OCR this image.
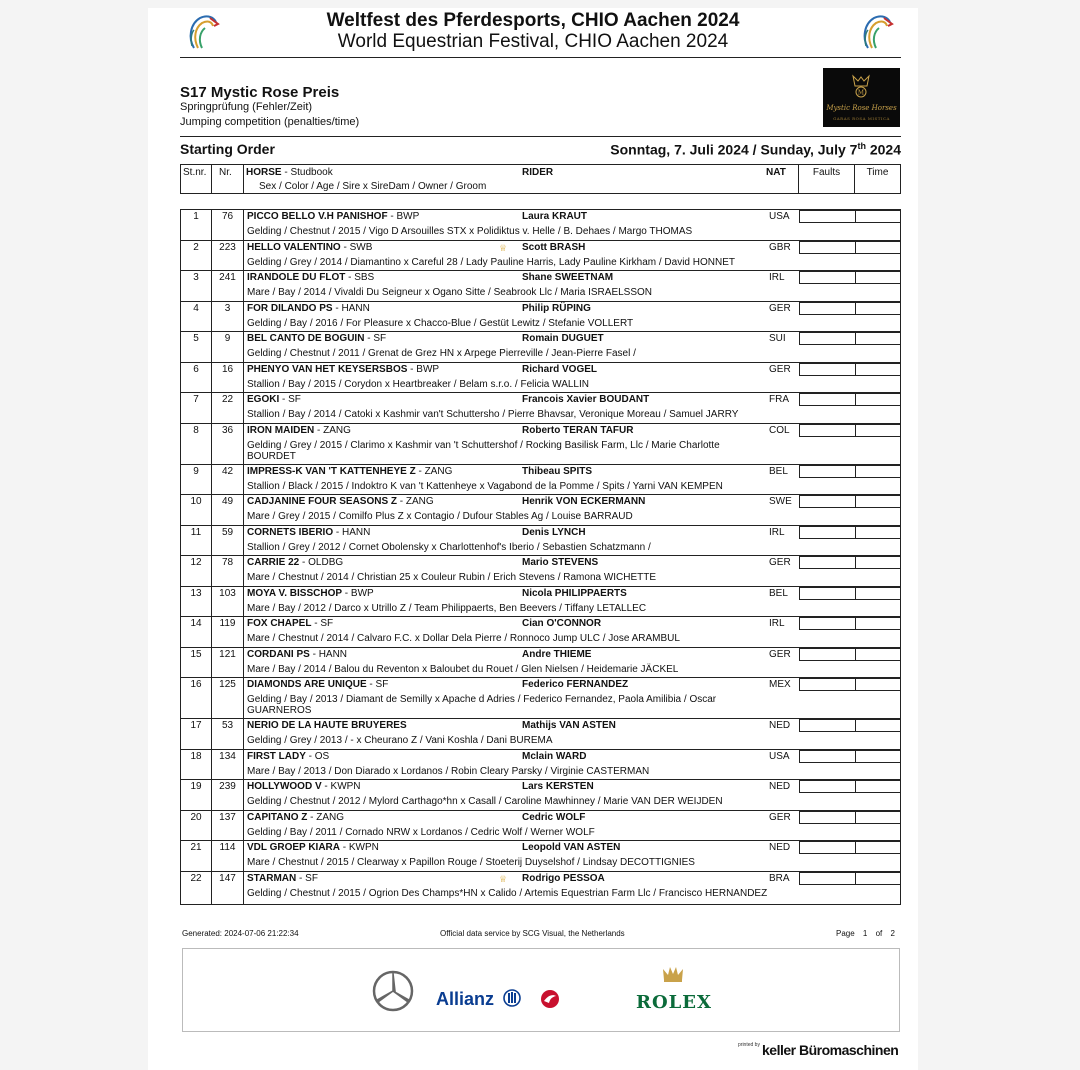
Weltfest des Pferdesports, CHIO Aachen 2024
World Equestrian Festival, CHIO Aachen 2024
S17 Mystic Rose Preis
Springprüfung (Fehler/Zeit)
Jumping competition (penalties/time)
M
Mystic Rose Horses
GARAS ROSA MISTICA
Starting Order	Sonntag, 7. Juli 2024 / Sunday, July 7th 2024
St.nr. Nr. HORSE - Studbook
Sex / Color / Age / Sire x SireDam / Owner / Groom
RIDER	NAT	Faults	Time
1	76	PICCO BELLO V.H PANISHOF - BWP	Laura KRAUT	USA
Gelding / Chestnut / 2015 / Vigo D Arsouilles STX x Polidiktus v. Helle / B. Dehaes / Margo THOMAS
2	223	HELLO VALENTINO - SWB	♕ Scott BRASH	GBR
Gelding / Grey / 2014 / Diamantino x Careful 28 / Lady Pauline Harris, Lady Pauline Kirkham / David HONNET
3	241	IRANDOLE DU FLOT - SBS	Shane SWEETNAM	IRL
Mare / Bay / 2014 / Vivaldi Du Seigneur x Ogano Sitte / Seabrook Llc / Maria ISRAELSSON
4	3	FOR DILANDO PS - HANN	Philip RÜPING	GER
Gelding / Bay / 2016 / For Pleasure x Chacco-Blue / Gestüt Lewitz / Stefanie VOLLERT
5	9	BEL CANTO DE BOGUIN - SF	Romain DUGUET	SUI
Gelding / Chestnut / 2011 / Grenat de Grez HN x Arpege Pierreville / Jean-Pierre Fasel /
6	16	PHENYO VAN HET KEYSERSBOS - BWP	Richard VOGEL	GER
Stallion / Bay / 2015 / Corydon x Heartbreaker / Belam s.r.o. / Felicia WALLIN
7	22	EGOKI - SF	Francois Xavier BOUDANT	FRA
Stallion / Bay / 2014 / Catoki x Kashmir van't Schuttersho / Pierre Bhavsar, Veronique Moreau / Samuel JARRY
8	36	IRON MAIDEN - ZANG	Roberto TERAN TAFUR	COL
Gelding / Grey / 2015 / Clarimo x Kashmir van 't Schuttershof / Rocking Basilisk Farm, Llc / Marie Charlotte
BOURDET
9	42	IMPRESS-K VAN 'T KATTENHEYE Z - ZANG	Thibeau SPITS	BEL
Stallion / Black / 2015 / Indoktro K van 't Kattenheye x Vagabond de la Pomme / Spits / Yarni VAN KEMPEN
10	49	CADJANINE FOUR SEASONS Z - ZANG	Henrik VON ECKERMANN	SWE
Mare / Grey / 2015 / Comilfo Plus Z x Contagio / Dufour Stables Ag / Louise BARRAUD
11	59	CORNETS IBERIO - HANN	Denis LYNCH	IRL
Stallion / Grey / 2012 / Cornet Obolensky x Charlottenhof's Iberio / Sebastien Schatzmann /
12	78	CARRIE 22 - OLDBG	Mario STEVENS	GER
Mare / Chestnut / 2014 / Christian 25 x Couleur Rubin / Erich Stevens / Ramona WICHETTE
13	103	MOYA V. BISSCHOP - BWP	Nicola PHILIPPAERTS	BEL
Mare / Bay / 2012 / Darco x Utrillo Z / Team Philippaerts, Ben Beevers / Tiffany LETALLEC
14	119	FOX CHAPEL - SF	Cian O'CONNOR	IRL
Mare / Chestnut / 2014 / Calvaro F.C. x Dollar Dela Pierre / Ronnoco Jump ULC / Jose ARAMBUL
15	121	CORDANI PS - HANN	Andre THIEME	GER
Mare / Bay / 2014 / Balou du Reventon x Baloubet du Rouet / Glen Nielsen / Heidemarie JÄCKEL
16	125	DIAMONDS ARE UNIQUE - SF	Federico FERNANDEZ	MEX
Gelding / Bay / 2013 / Diamant de Semilly x Apache d Adries / Federico Fernandez, Paola Amilibia / Oscar
GUARNEROS
17	53	NERIO DE LA HAUTE BRUYERES	Mathijs VAN ASTEN	NED
Gelding / Grey / 2013 / - x Cheurano Z / Vani Koshla / Dani BUREMA
18	134	FIRST LADY - OS	Mclain WARD	USA
Mare / Bay / 2013 / Don Diarado x Lordanos / Robin Cleary Parsky / Virginie CASTERMAN
19	239	HOLLYWOOD V - KWPN	Lars KERSTEN	NED
Gelding / Chestnut / 2012 / Mylord Carthago*hn x Casall / Caroline Mawhinney / Marie VAN DER WEIJDEN
20	137	CAPITANO Z - ZANG	Cedric WOLF	GER
Gelding / Bay / 2011 / Cornado NRW x Lordanos / Cedric Wolf / Werner WOLF
21	114	VDL GROEP KIARA - KWPN	Leopold VAN ASTEN	NED
Mare / Chestnut / 2015 / Clearway x Papillon Rouge / Stoeterij Duyselshof / Lindsay DECOTTIGNIES
22	147	STARMAN - SF	♕ Rodrigo PESSOA	BRA
Gelding / Chestnut / 2015 / Ogrion Des Champs*HN x Calido / Artemis Equestrian Farm Llc / Francisco HERNANDEZ
Generated: 2024-07-06 21:22:34	Official data service by SCG Visual, the Netherlands	Page 1 of 2
Allianz	ROLEX
printed by keller Büromaschinen
